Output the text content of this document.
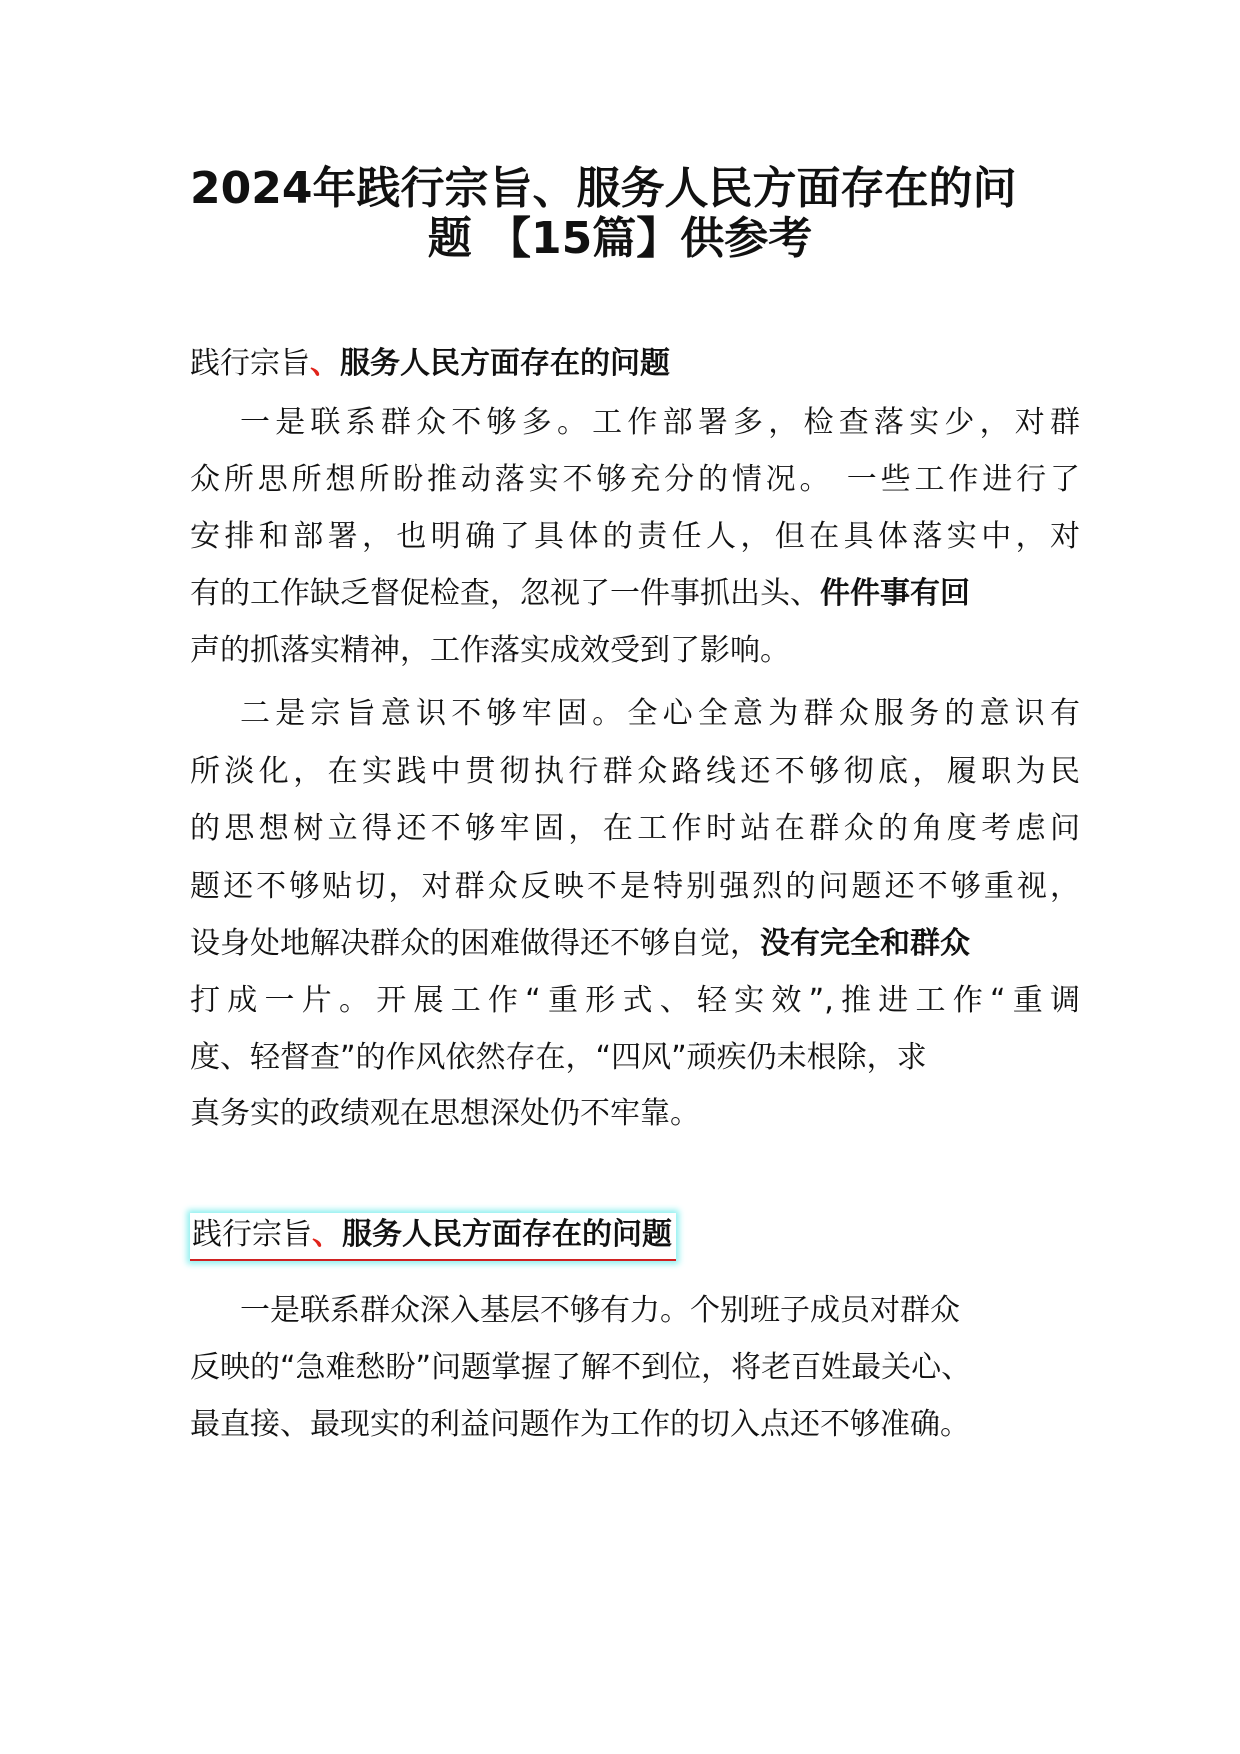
2024年践行宗旨、服务人民方面存在的问
题 【15篇】供参考
践行宗旨、服务人民方面存在的问题

一是联系群众不够多。工作部署多，检查落实少，对群

众所思所想所盼推动落实不够充分的情况。 一些工作进行了

安排和部署，也明确了具体的责任人，但在具体落实中，对

有的工作缺乏督促检查，忽视了一件事抓出头、件件事有回

声的抓落实精神，工作落实成效受到了影响。

二是宗旨意识不够牢固。全心全意为群众服务的意识有

所淡化，在实践中贯彻执行群众路线还不够彻底，履职为民

的思想树立得还不够牢固，在工作时站在群众的角度考虑问

题还不够贴切，对群众反映不是特别强烈的问题还不够重视，

设身处地解决群众的困难做得还不够自觉，没有完全和群众

打成一片。开展工作“重形式、轻实效”,推进工作“重调

度、轻督查”的作风依然存在，“四风”顽疾仍未根除，求

真务实的政绩观在思想深处仍不牢靠。

践行宗旨、服务人民方面存在的问题

一是联系群众深入基层不够有力。个别班子成员对群众

反映的“急难愁盼”问题掌握了解不到位，将老百姓最关心、

最直接、最现实的利益问题作为工作的切入点还不够准确。
